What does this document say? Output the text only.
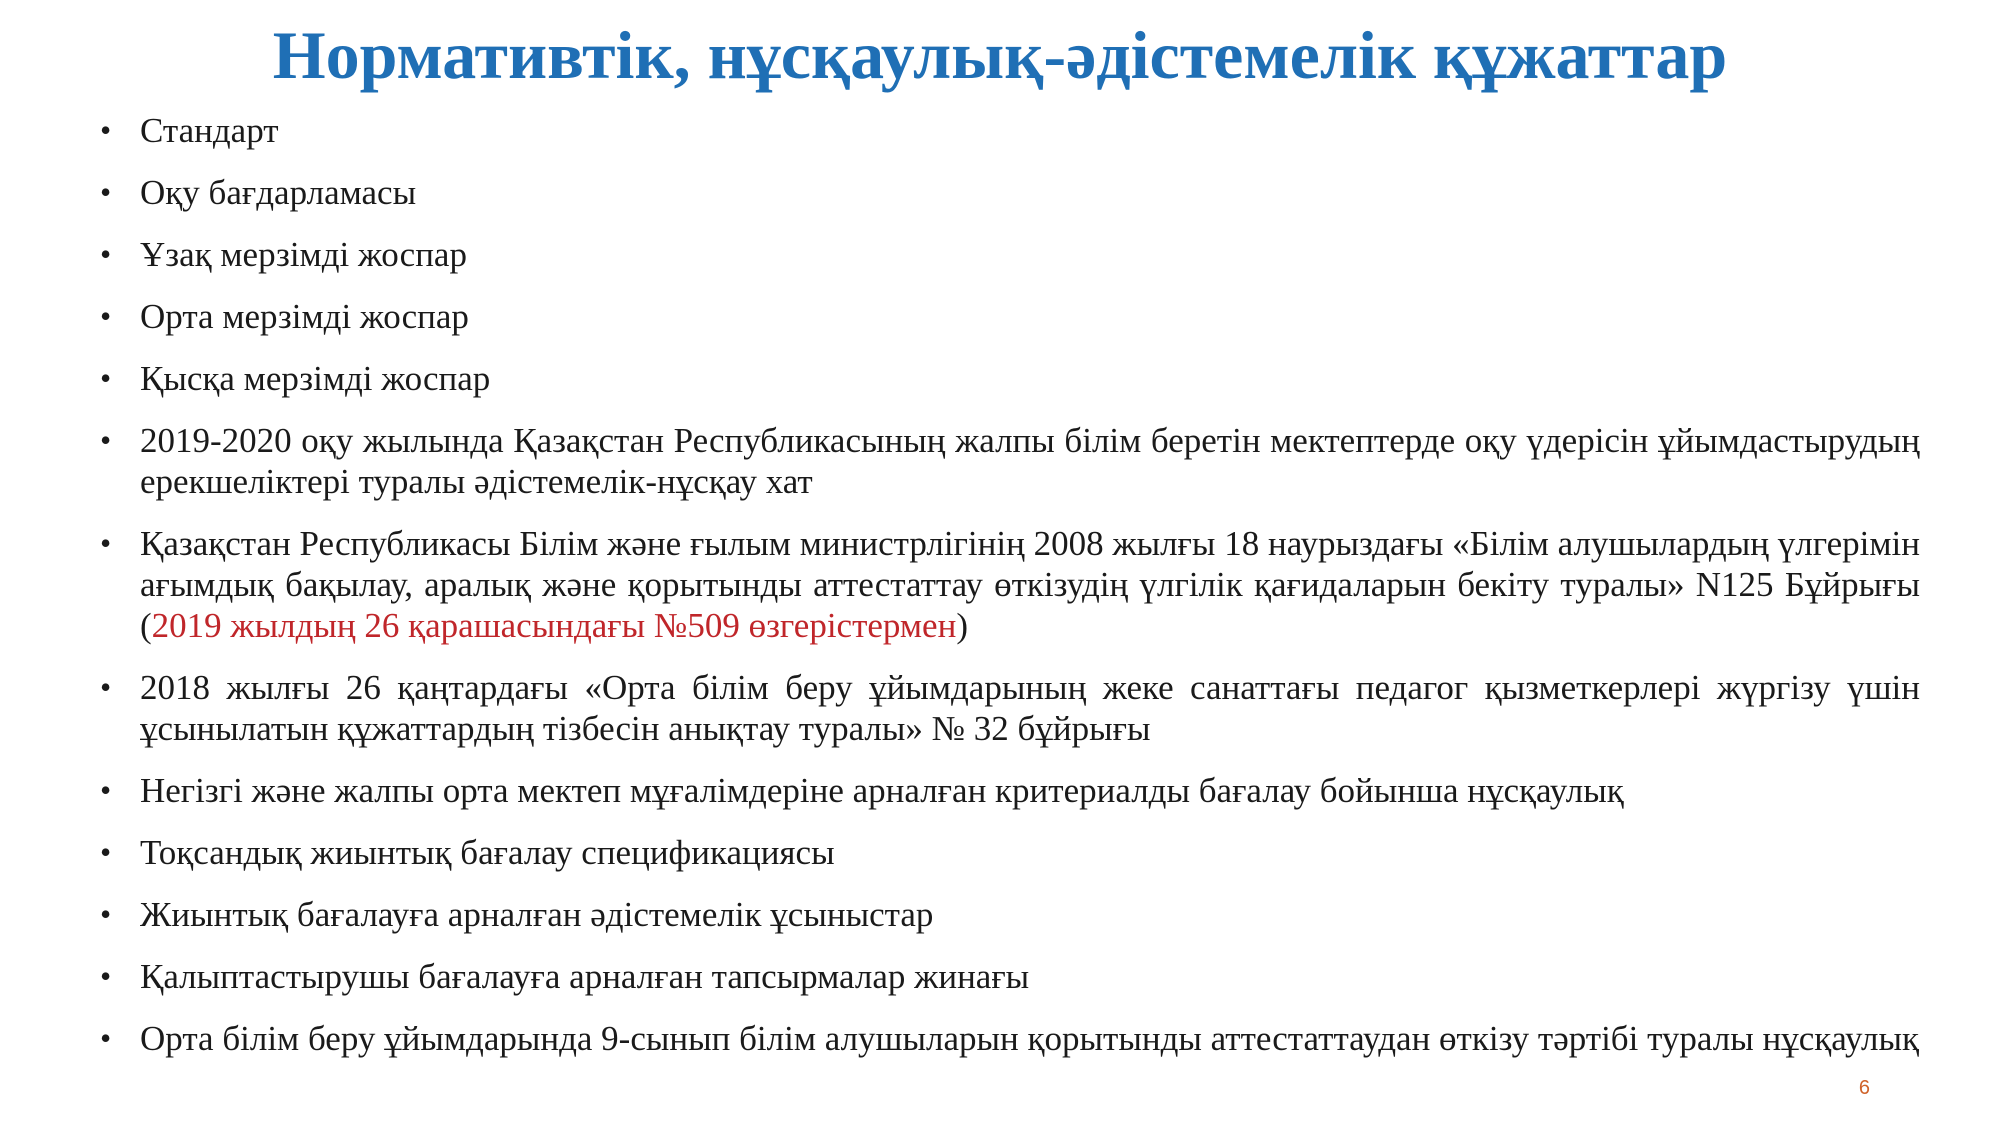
Нормативтік, нұсқаулық-әдістемелік құжаттар
• Стандарт
• Оқу бағдарламасы
• Ұзақ мерзімді жоспар
• Орта мерзімді жоспар
• Қысқа мерзімді жоспар
• 2019-2020 оқу жылында Қазақстан Республикасының жалпы білім беретін мектептерде оқу үдерісін ұйымдастырудың ерекшеліктері туралы әдістемелік-нұсқау хат
• Қазақстан Республикасы Білім және ғылым министрлігінің 2008 жылғы 18 наурыздағы «Білім алушылардың үлгерімін ағымдық бақылау, аралық және қорытынды аттестаттау өткізудің үлгілік қағидаларын бекіту туралы» N125 Бұйрығы (2019 жылдың 26 қарашасындағы №509 өзгерістермен)
• 2018 жылғы 26 қаңтардағы «Орта білім беру ұйымдарының жеке санаттағы педагог қызметкерлері жүргізу үшін ұсынылатын құжаттардың тізбесін анықтау туралы» № 32 бұйрығы
• Негізгі және жалпы орта мектеп мұғалімдеріне арналған критериалды бағалау бойынша нұсқаулық
• Тоқсандық жиынтық бағалау спецификациясы
• Жиынтық бағалауға арналған әдістемелік ұсыныстар
• Қалыптастырушы бағалауға арналған тапсырмалар жинағы
• Орта білім беру ұйымдарында 9-сынып білім алушыларын қорытынды аттестаттаудан өткізу тәртібі туралы нұсқаулық
6
